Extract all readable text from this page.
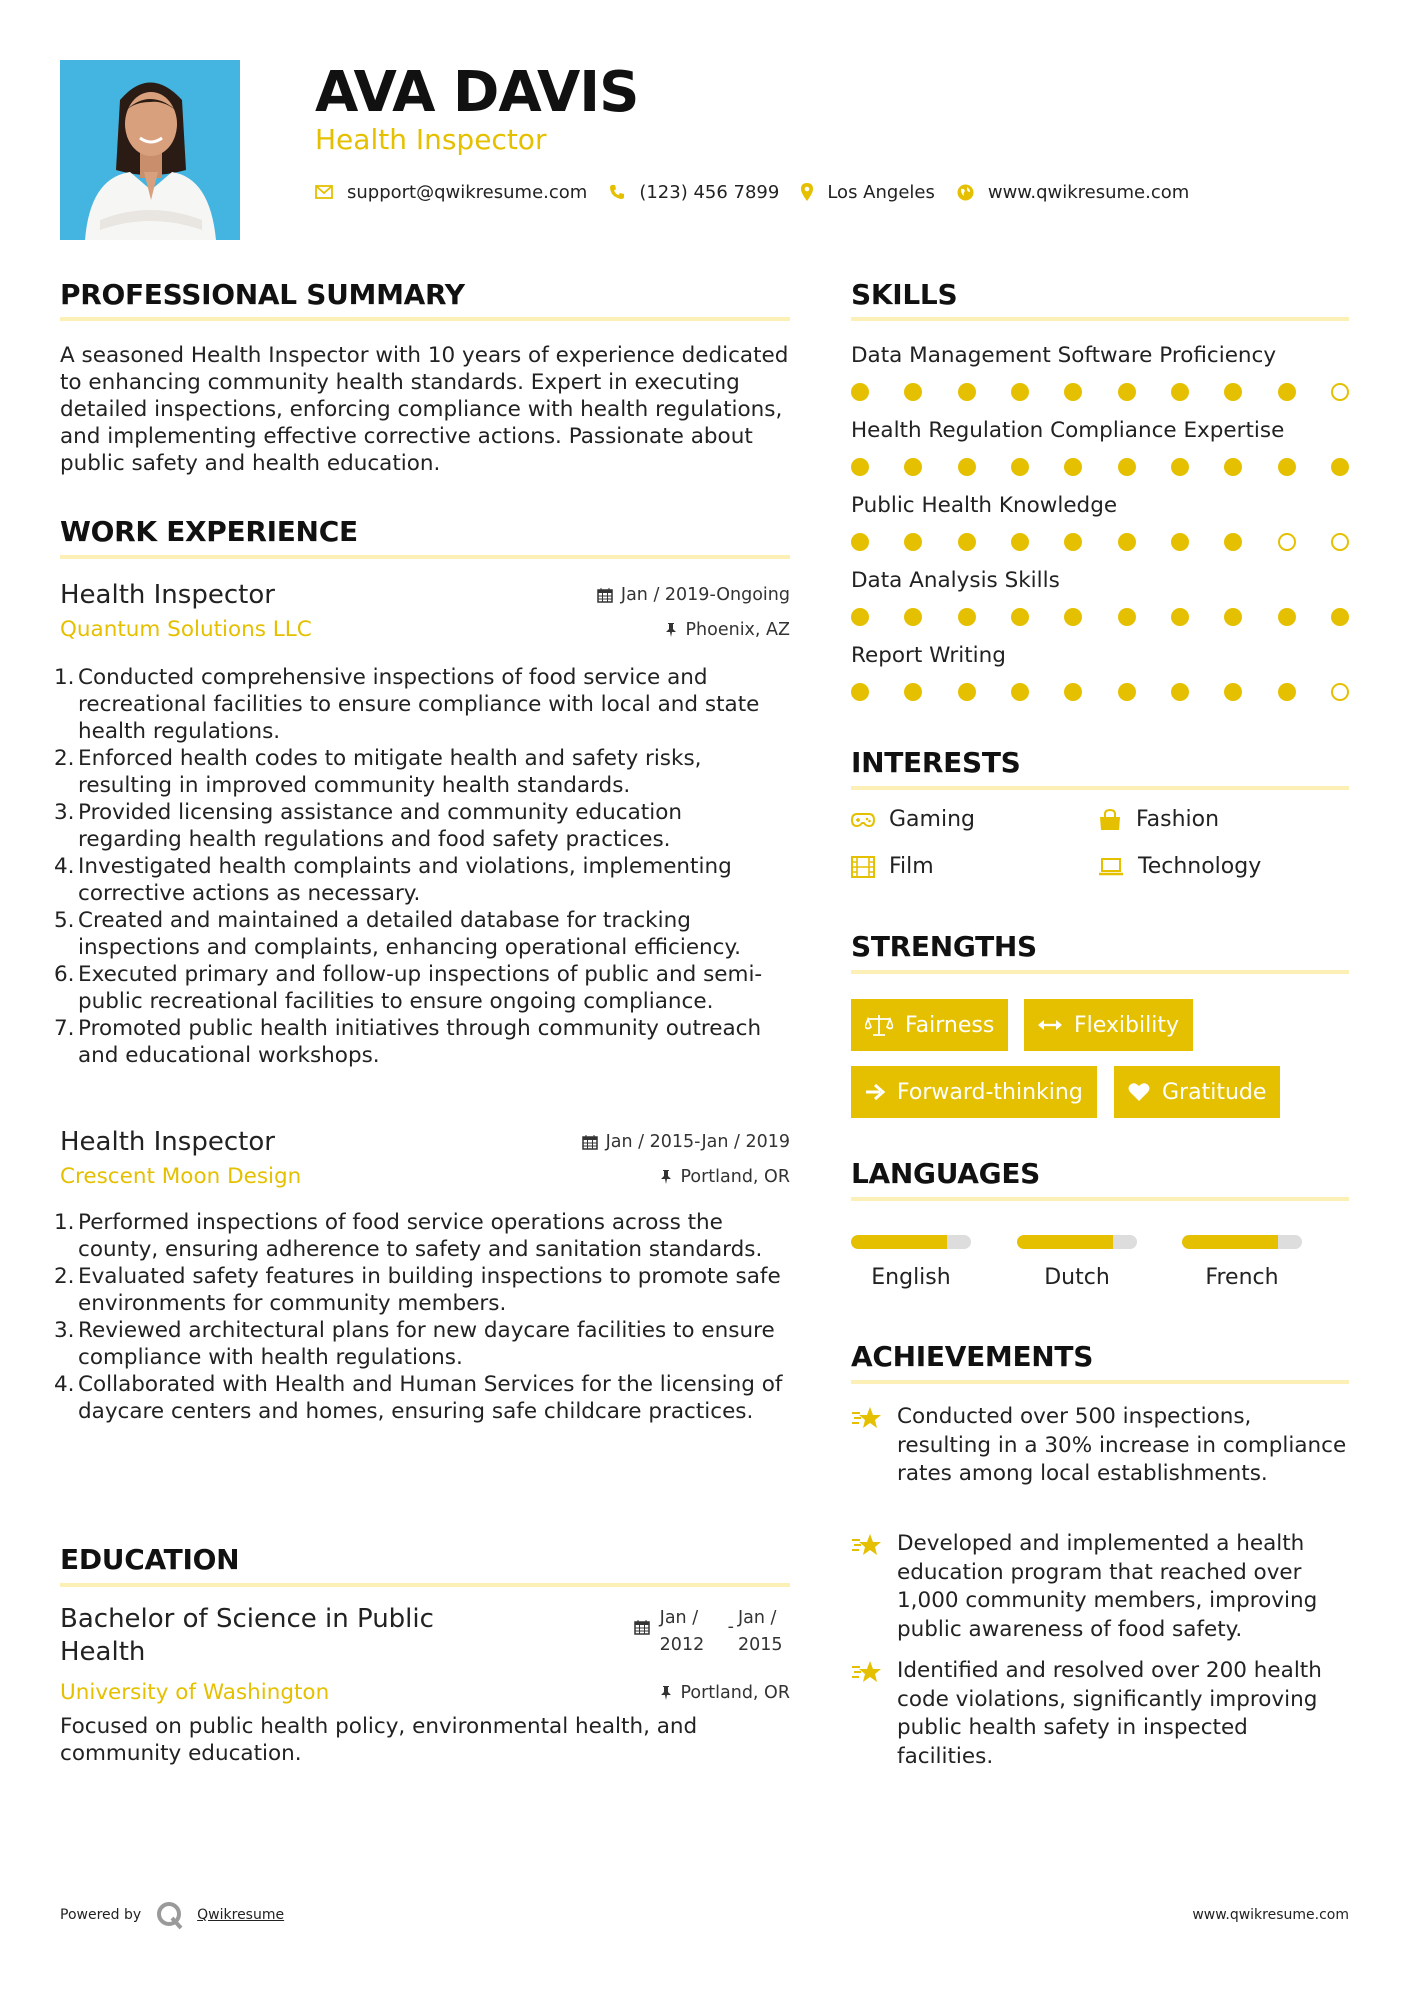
AVA DAVIS
Health Inspector
support@qwikresume.com	(123) 456 7899	Los Angeles	www.qwikresume.com
PROFESSIONAL SUMMARY
A seasoned Health Inspector with 10 years of experience dedicated to enhancing community health standards. Expert in executing detailed inspections, enforcing compliance with health regulations, and implementing effective corrective actions. Passionate about public safety and health education.
WORK EXPERIENCE
Health Inspector	Jan / 2019-Ongoing
Quantum Solutions LLC	Phoenix, AZ
1. Conducted comprehensive inspections of food service and recreational facilities to ensure compliance with local and state health regulations.
2. Enforced health codes to mitigate health and safety risks, resulting in improved community health standards.
3. Provided licensing assistance and community education regarding health regulations and food safety practices.
4. Investigated health complaints and violations, implementing corrective actions as necessary.
5. Created and maintained a detailed database for tracking inspections and complaints, enhancing operational efficiency.
6. Executed primary and follow-up inspections of public and semi-public recreational facilities to ensure ongoing compliance.
7. Promoted public health initiatives through community outreach and educational workshops.
Health Inspector	Jan / 2015-Jan / 2019
Crescent Moon Design	Portland, OR
1. Performed inspections of food service operations across the county, ensuring adherence to safety and sanitation standards.
2. Evaluated safety features in building inspections to promote safe environments for community members.
3. Reviewed architectural plans for new daycare facilities to ensure compliance with health regulations.
4. Collaborated with Health and Human Services for the licensing of daycare centers and homes, ensuring safe childcare practices.
EDUCATION
Bachelor of Science in Public Health
Jan / 2012
- Jan / 2015
University of Washington	Portland, OR
Focused on public health policy, environmental health, and community education.
SKILLS
Data Management Software Proficiency
Health Regulation Compliance Expertise
Public Health Knowledge
Data Analysis Skills
Report Writing
INTERESTS
Gaming	Fashion
Film	Technology
STRENGTHS
Fairness	Flexibility
Forward-thinking	Gratitude
LANGUAGES
English	Dutch	French
ACHIEVEMENTS
Conducted over 500 inspections, resulting in a 30% increase in compliance rates among local establishments.
Developed and implemented a health education program that reached over 1,000 community members, improving public awareness of food safety.
Identified and resolved over 200 health code violations, significantly improving public health safety in inspected facilities.
Powered by	Qwikresume	www.qwikresume.com
